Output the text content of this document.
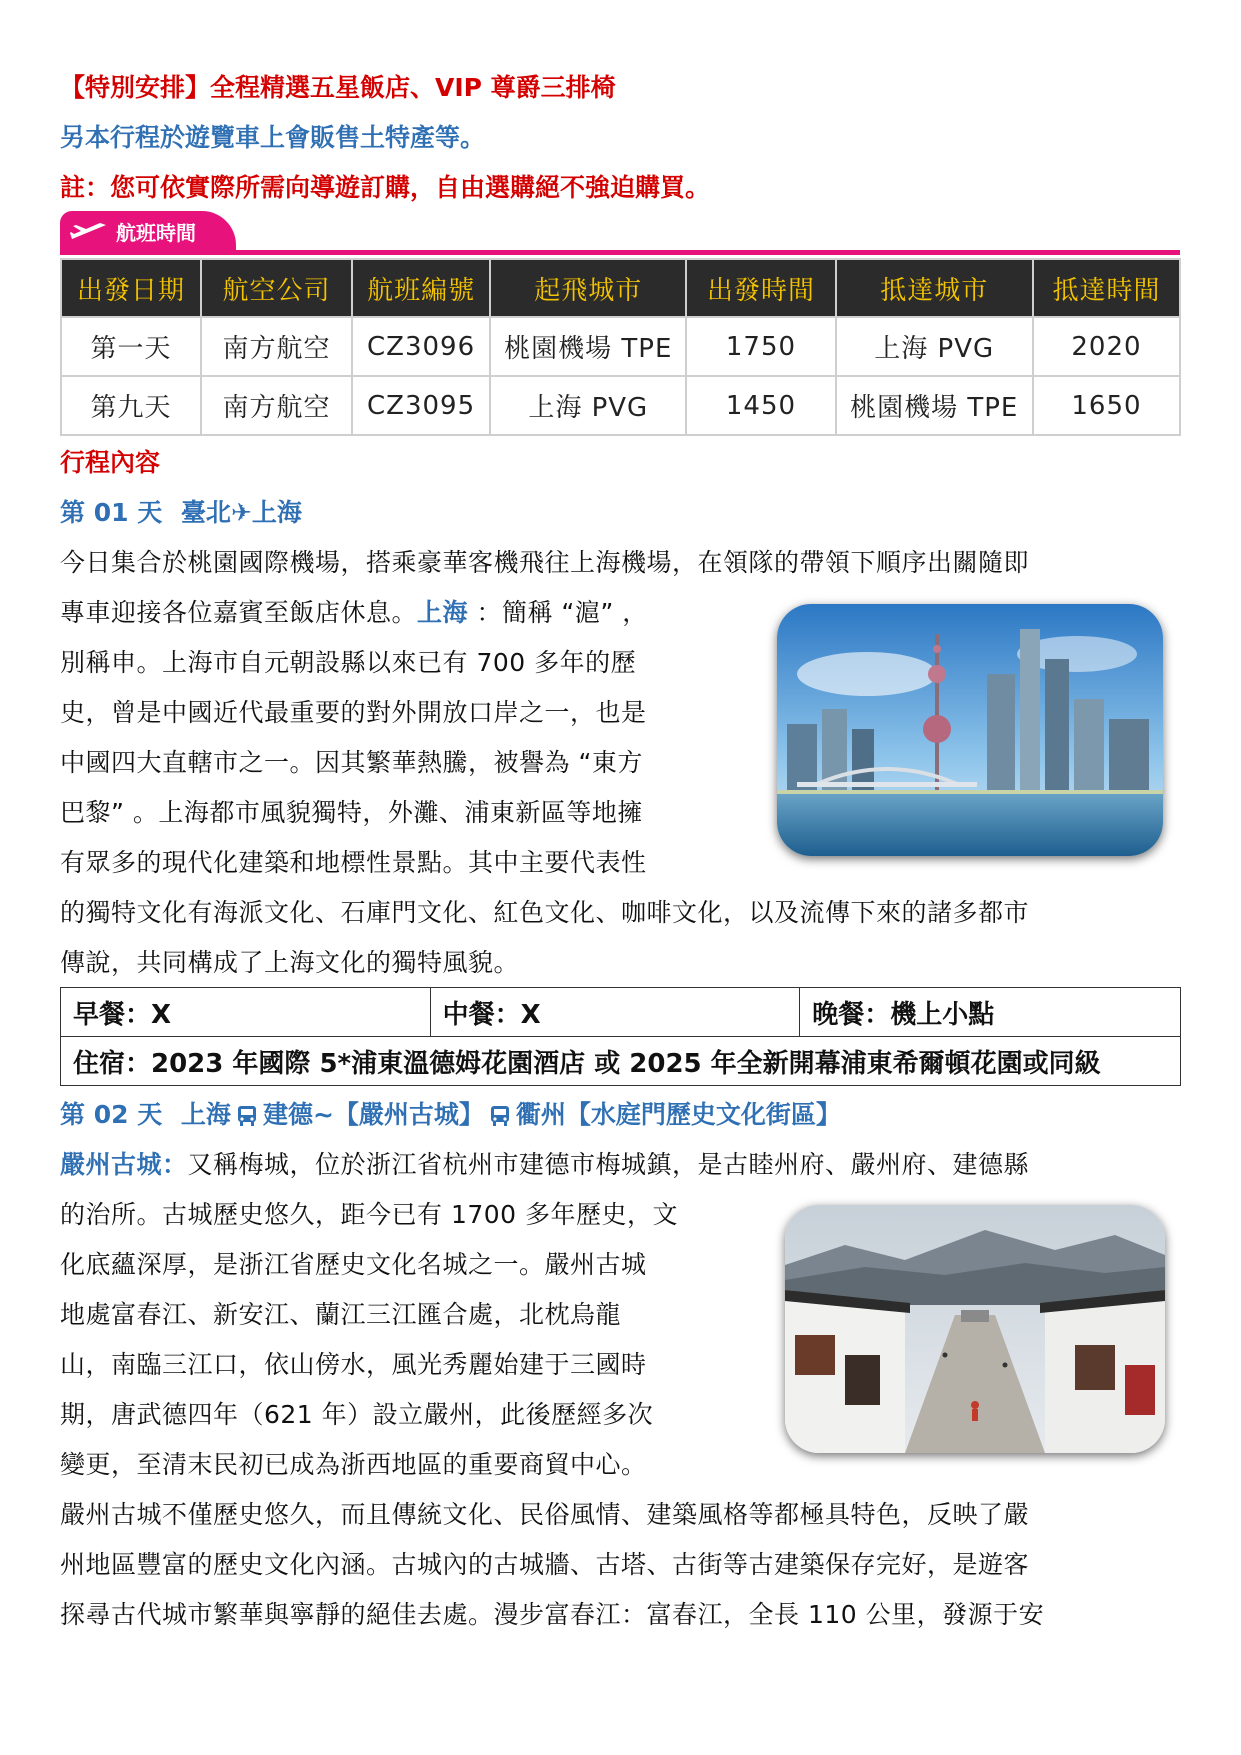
【特別安排】全程精選五星飯店、VIP 尊爵三排椅
另本行程於遊覽車上會販售土特產等。
註：您可依實際所需向導遊訂購，自由選購絕不強迫購買。
航班時間
出發日期	航空公司	航班編號	起飛城市	出發時間	抵達城市	抵達時間
第一天	南方航空	CZ3096	桃園機場 TPE	1750	上海 PVG	2020
第九天	南方航空	CZ3095	上海 PVG	1450	桃園機場 TPE	1650
行程內容
第 01 天 臺北✈上海
今日集合於桃園國際機場，搭乘豪華客機飛往上海機場，在領隊的帶領下順序出關隨即
專車迎接各位嘉賓至飯店休息。上海 ：簡稱 “滬” ，
別稱申。上海市自元朝設縣以來已有 700 多年的歷
史，曾是中國近代最重要的對外開放口岸之一，也是
中國四大直轄市之一。因其繁華熱騰，被譽為 “東方
巴黎” 。上海都市風貌獨特，外灘、浦東新區等地擁
有眾多的現代化建築和地標性景點。其中主要代表性
的獨特文化有海派文化、石庫門文化、紅色文化、咖啡文化，以及流傳下來的諸多都市
傳說，共同構成了上海文化的獨特風貌。
早餐：X	中餐：X	晚餐：機上小點
住宿：2023 年國際 5*浦東溫德姆花園酒店 或 2025 年全新開幕浦東希爾頓花園或同級
第 02 天 上海 建德~【嚴州古城】 衢州【水庭門歷史文化街區】
嚴州古城：又稱梅城，位於浙江省杭州市建德市梅城鎮，是古睦州府、嚴州府、建德縣
的治所。古城歷史悠久，距今已有 1700 多年歷史，文
化底蘊深厚，是浙江省歷史文化名城之一。嚴州古城
地處富春江、新安江、蘭江三江匯合處，北枕烏龍
山，南臨三江口，依山傍水，風光秀麗始建于三國時
期，唐武德四年（621 年）設立嚴州，此後歷經多次
變更，至清末民初已成為浙西地區的重要商貿中心。
嚴州古城不僅歷史悠久，而且傳統文化、民俗風情、建築風格等都極具特色，反映了嚴
州地區豐富的歷史文化內涵。古城內的古城牆、古塔、古街等古建築保存完好，是遊客
探尋古代城市繁華與寧靜的絕佳去處。漫步富春江：富春江，全長 110 公里，發源于安
